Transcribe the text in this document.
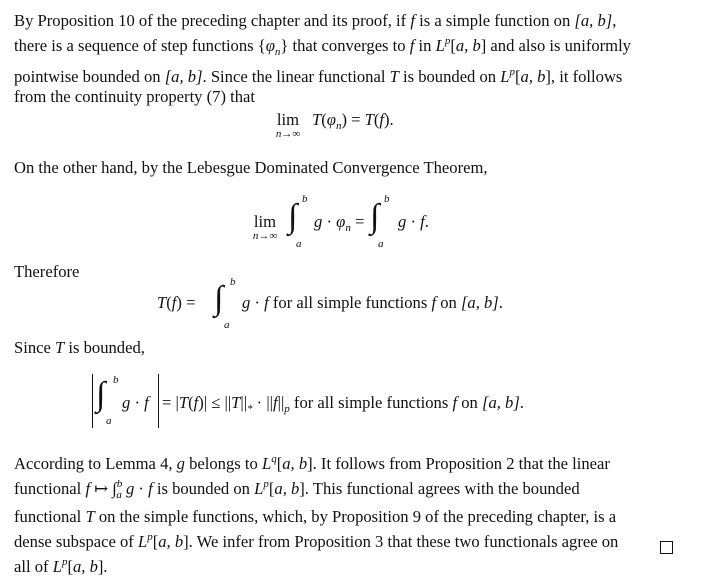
By Proposition 10 of the preceding chapter and its proof, if f is a simple function on [a, b],
there is a sequence of step functions $\{\varphi_n\}$ that converges to f in $L^p[a$, b] and also is uniformly
pointwise bounded on [a, b]. Since the linear functional T is bounded on $L^p[a$, b], it follows
from the continuity property (7) that

lim
n→∞
$T(\varphi_n) = T(f)$.

On the other hand, by the Lebesgue Dominated Convergence Theorem,

lim
n→∞
∫ b
a
$g \cdot \varphi_n$ = ∫ b
a
g · f.

Therefore

T(f) = ∫ b
a
g · f for all simple functions f on [a, b].

Since T is bounded,

∫ b
a
$g \cdot f = |T(f)| \le ||T||_* \cdot ||f||_p$ for all simple functions f on [a, b].

According to Lemma 4, g belongs to $L^q[a$, b]. It follows from Proposition 2 that the linear
functional f ↦ ∫$^b_a$ g · f is bounded on $L^p[a$, b]. This functional agrees with the bounded
functional T on the simple functions, which, by Proposition 9 of the preceding chapter, is a
dense subspace of $L^p[a$, b]. We infer from Proposition 3 that these two functionals agree on
all of $L^p[a$, b].
